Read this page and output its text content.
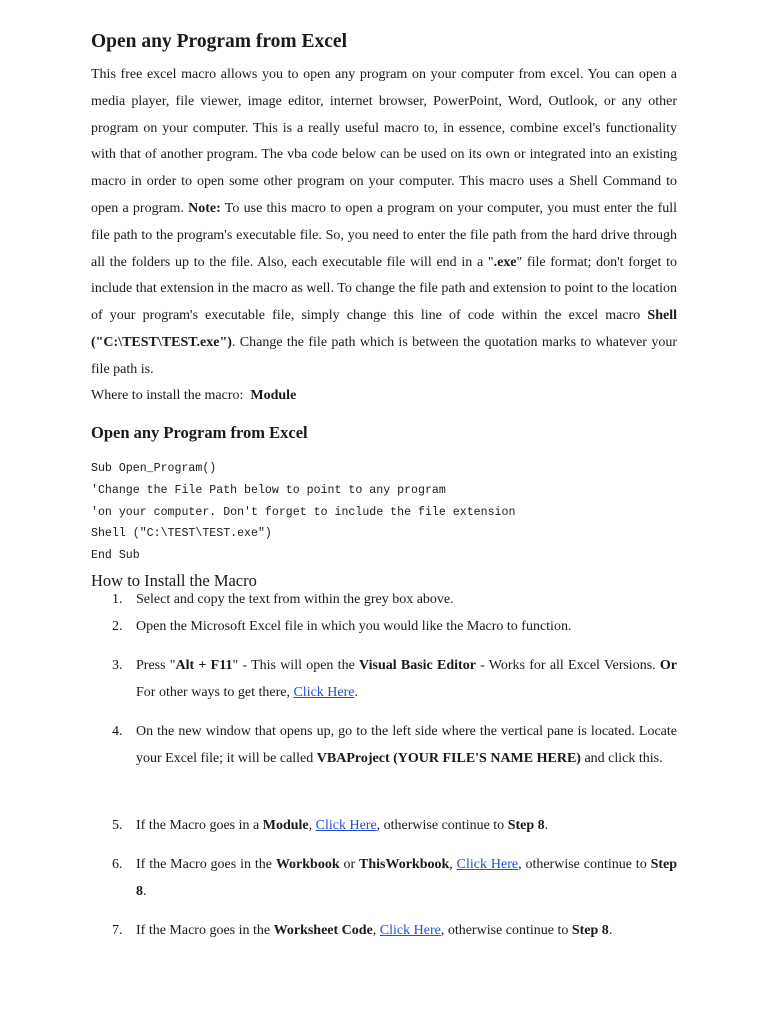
Open any Program from Excel

This free excel macro allows you to open any program on your computer from excel. You can open a media player, file viewer, image editor, internet browser, PowerPoint, Word, Outlook, or any other program on your computer. This is a really useful macro to, in essence, combine excel's functionality with that of another program. The vba code below can be used on its own or integrated into an existing macro in order to open some other program on your computer. This macro uses a Shell Command to open a program. Note: To use this macro to open a program on your computer, you must enter the full file path to the program's executable file. So, you need to enter the file path from the hard drive through all the folders up to the file. Also, each executable file will end in a ".exe" file format; don't forget to include that extension in the macro as well. To change the file path and extension to point to the location of your program's executable file, simply change this line of code within the excel macro Shell ("C:\TEST\TEST.exe"). Change the file path which is between the quotation marks to whatever your file path is.

Where to install the macro: Module

Open any Program from Excel
Sub Open_Program()
'Change the File Path below to point to any program
'on your computer. Don't forget to include the file extension
Shell ("C:\TEST\TEST.exe")
End Sub
How to Install the Macro
1. Select and copy the text from within the grey box above.
2. Open the Microsoft Excel file in which you would like the Macro to function.
3. Press "Alt + F11" - This will open the Visual Basic Editor - Works for all Excel Versions. Or For other ways to get there, Click Here.
4. On the new window that opens up, go to the left side where the vertical pane is located. Locate your Excel file; it will be called VBAProject (YOUR FILE'S NAME HERE) and click this.
5. If the Macro goes in a Module, Click Here, otherwise continue to Step 8.
6. If the Macro goes in the Workbook or ThisWorkbook, Click Here, otherwise continue to Step 8.
7. If the Macro goes in the Worksheet Code, Click Here, otherwise continue to Step 8.
